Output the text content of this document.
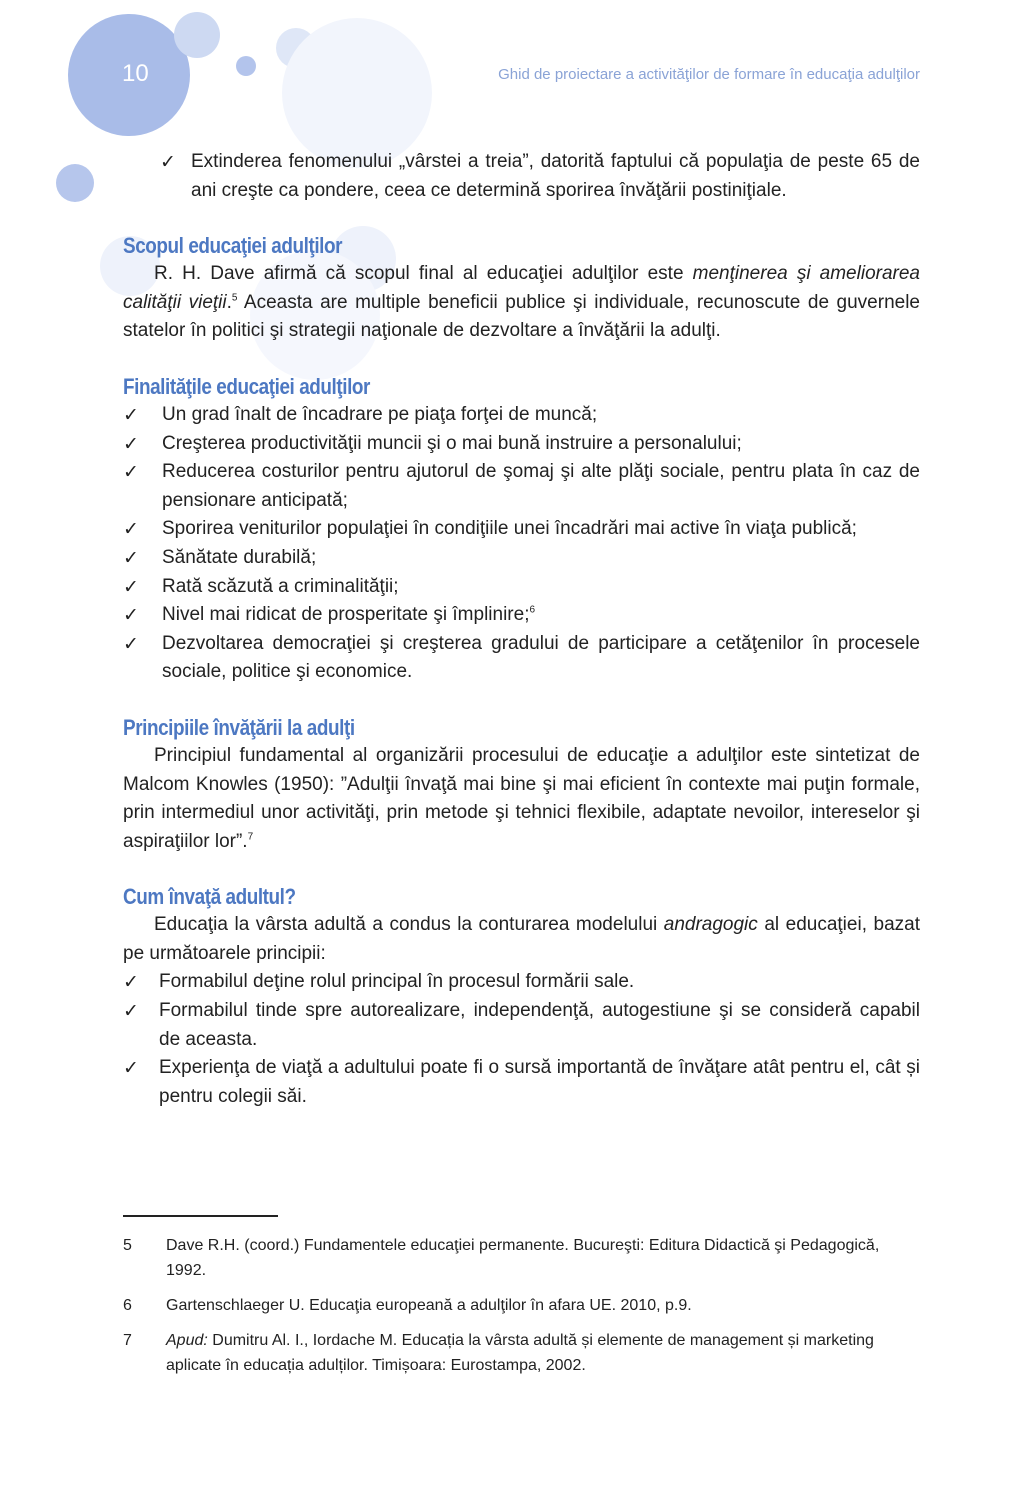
10	Ghid de proiectare a activităţilor de formare în educaţia adulţilor
✓ Extinderea fenomenului „vârstei a treia”, datorită faptului că populaţia de peste 65 de ani creşte ca pondere, ceea ce determină sporirea învăţării postiniţiale.
Scopul educaţiei adulţilor

R. H. Dave afirmă că scopul final al educaţiei adulţilor este menţinerea şi ameliorarea calităţii vieţii.$^5$ Aceasta are multiple beneficii publice şi individuale, recunoscute de guvernele statelor în politici şi strategii naţionale de dezvoltare a învăţării la adulţi.

Finalităţile educaţiei adulţilor
✓ Un grad înalt de încadrare pe piaţa forţei de muncă;
✓ Creşterea productivităţii muncii şi o mai bună instruire a personalului;
✓ Reducerea costurilor pentru ajutorul de şomaj şi alte plăţi sociale, pentru plata în caz de pensionare anticipată;
✓ Sporirea veniturilor populaţiei în condiţiile unei încadrări mai active în viaţa publică;
✓ Sănătate durabilă;
✓ Rată scăzută a criminalităţii;
✓ Nivel mai ridicat de prosperitate şi împlinire;$^6$
✓ Dezvoltarea democraţiei şi creşterea gradului de participare a cetăţenilor în procesele sociale, politice şi economice.
Principiile învăţării la adulţi

Principiul fundamental al organizării procesului de educaţie a adulţilor este sintetizat de Malcom Knowles (1950): ”Adulţii învaţă mai bine şi mai eficient în contexte mai puţin formale, prin intermediul unor activităţi, prin metode şi tehnici flexibile, adaptate nevoilor, intereselor şi aspiraţiilor lor”.$^7$

Cum învaţă adultul?

Educaţia la vârsta adultă a condus la conturarea modelului andragogic al educaţiei, bazat pe următoarele principii:

✓ Formabilul deţine rolul principal în procesul formării sale.
✓ Formabilul tinde spre autorealizare, independenţă, autogestiune şi se consideră capabil de aceasta.
✓ Experienţa de viaţă a adultului poate fi o sursă importantă de învăţare atât pentru el, cât și pentru colegii săi.
5 Dave R.H. (coord.) Fundamentele educaţiei permanente. Bucureşti: Editura Didactică şi Pedagogică, 1992.
6 Gartenschlaeger U. Educaţia europeană a adulţilor în afara UE. 2010, p.9.
7 Apud: Dumitru Al. I., Iordache M. Educația la vârsta adultă și elemente de management și marketing aplicate în educația adulților. Timișoara: Eurostampa, 2002.
